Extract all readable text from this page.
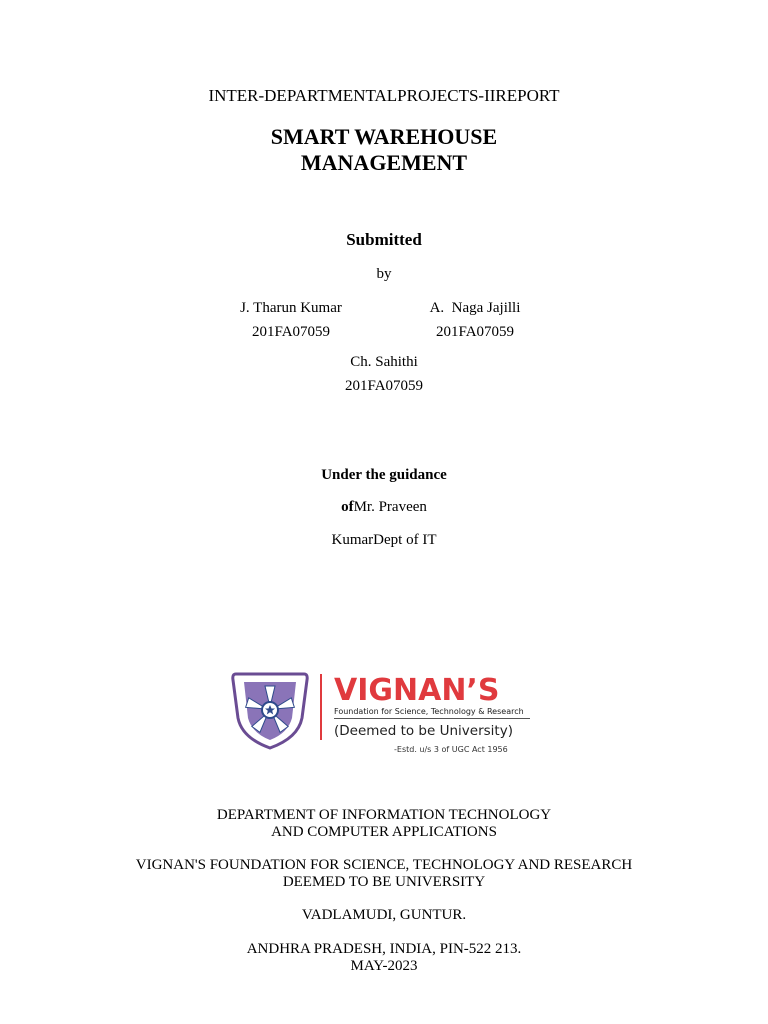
INTER-DEPARTMENTALPROJECTS-IIREPORT
SMART WAREHOUSE
MANAGEMENT
Submitted
by
J. Tharun Kumar
201FA07059
A.  Naga Jajilli
201FA07059
Ch. Sahithi
201FA07059
Under the guidance
ofMr. Praveen
KumarDept of IT
VIGNAN’S
Foundation for Science, Technology & Research
(Deemed to be University)
-Estd. u/s 3 of UGC Act 1956
DEPARTMENT OF INFORMATION TECHNOLOGY
AND COMPUTER APPLICATIONS
VIGNAN'S FOUNDATION FOR SCIENCE, TECHNOLOGY AND RESEARCH
DEEMED TO BE UNIVERSITY
VADLAMUDI, GUNTUR.
ANDHRA PRADESH, INDIA, PIN-522 213.
MAY-2023
